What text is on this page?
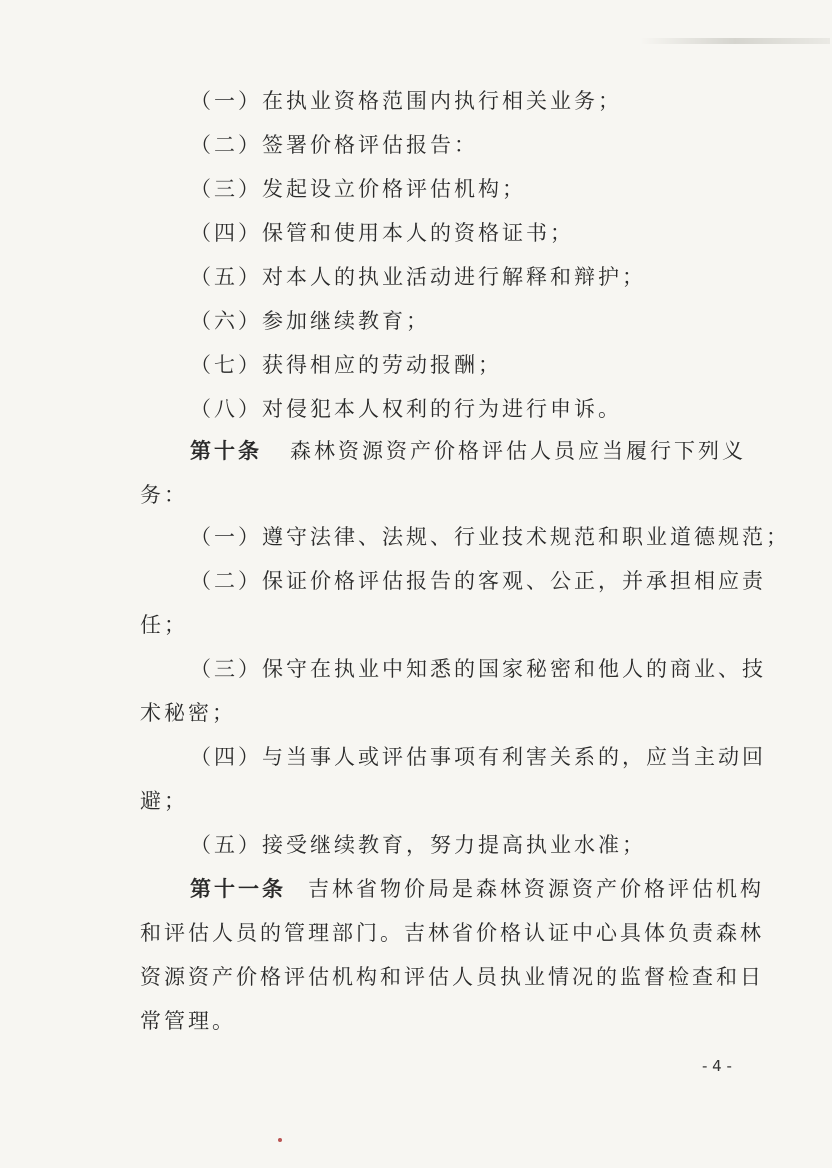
（一）在执业资格范围内执行相关业务；
（二）签署价格评估报告：
（三）发起设立价格评估机构；
（四）保管和使用本人的资格证书；
（五）对本人的执业活动进行解释和辩护；
（六）参加继续教育；
（七）获得相应的劳动报酬；
（八）对侵犯本人权利的行为进行申诉。
第十条 森林资源资产价格评估人员应当履行下列义
务：
（一）遵守法律、法规、行业技术规范和职业道德规范；
（二）保证价格评估报告的客观、公正，并承担相应责
任；
（三）保守在执业中知悉的国家秘密和他人的商业、技
术秘密；
（四）与当事人或评估事项有利害关系的，应当主动回
避；
（五）接受继续教育，努力提高执业水准；
第十一条 吉林省物价局是森林资源资产价格评估机构
和评估人员的管理部门。吉林省价格认证中心具体负责森林
资源资产价格评估机构和评估人员执业情况的监督检查和日
常管理。
- 4 -
